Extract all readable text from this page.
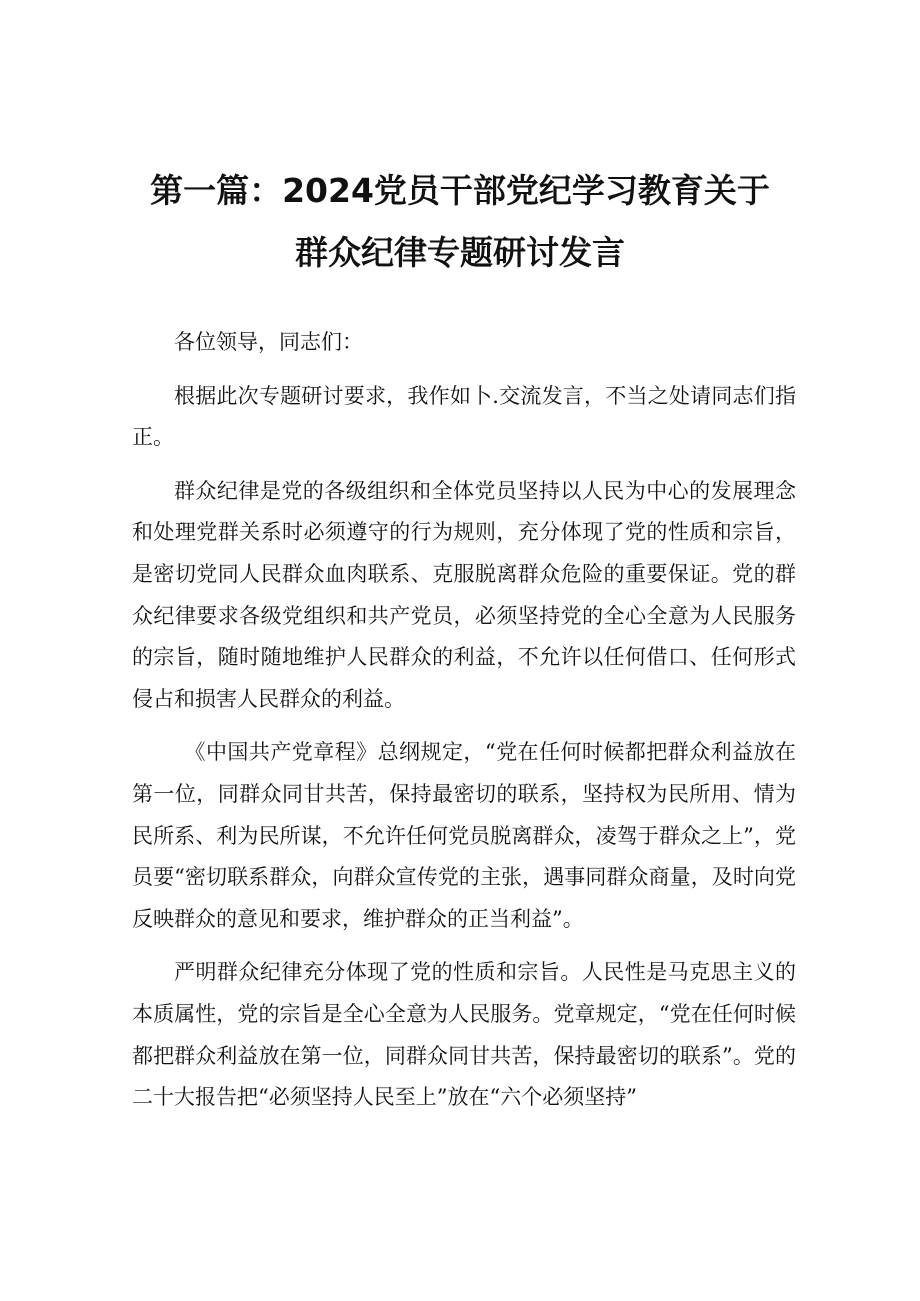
第一篇：2024党员干部党纪学习教育关于
群众纪律专题研讨发言

各位领导，同志们：

根据此次专题研讨要求，我作如卜.交流发言，不当之处请同志们指正。

群众纪律是党的各级组织和全体党员坚持以人民为中心的发展理念和处理党群关系时必须遵守的行为规则，充分体现了党的性质和宗旨，是密切党同人民群众血肉联系、克服脱离群众危险的重要保证。党的群众纪律要求各级党组织和共产党员，必须坚持党的全心全意为人民服务的宗旨，随时随地维护人民群众的利益，不允许以任何借口、任何形式侵占和损害人民群众的利益。

《中国共产党章程》总纲规定，“党在任何时候都把群众利益放在第一位，同群众同甘共苦，保持最密切的联系，坚持权为民所用、情为民所系、利为民所谋，不允许任何党员脱离群众，凌驾于群众之上”，党员要“密切联系群众，向群众宣传党的主张，遇事同群众商量，及时向党反映群众的意见和要求，维护群众的正当利益”。

严明群众纪律充分体现了党的性质和宗旨。人民性是马克思主义的本质属性，党的宗旨是全心全意为人民服务。党章规定，“党在任何时候都把群众利益放在第一位，同群众同甘共苦，保持最密切的联系”。党的二十大报告把“必须坚持人民至上”放在“六个必须坚持”
